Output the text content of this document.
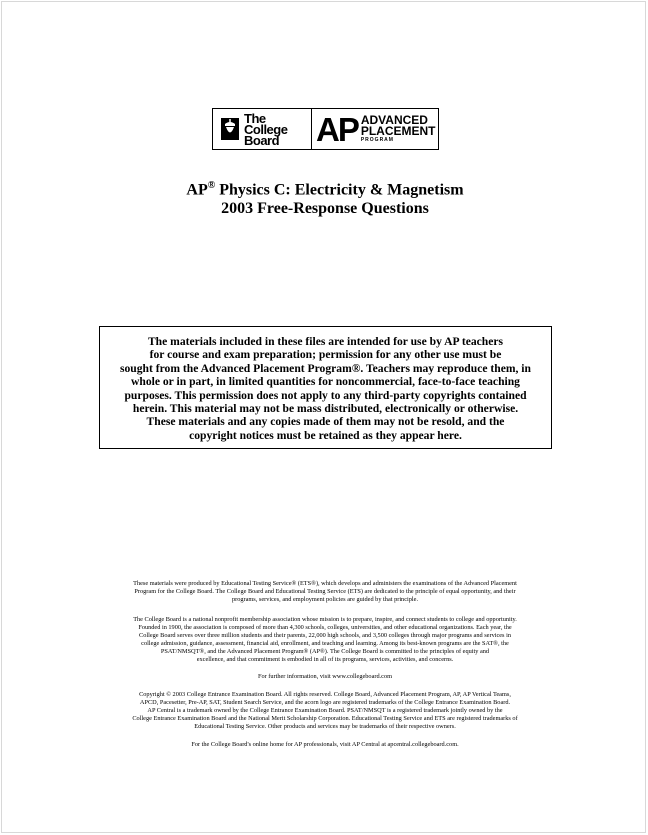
The
College
Board AP ADVANCED
PLACEMENT
PROGRAM
AP® Physics C: Electricity & Magnetism
2003 Free-Response Questions
The materials included in these files are intended for use by AP teachers
for course and exam preparation; permission for any other use must be
sought from the Advanced Placement Program®. Teachers may reproduce them, in
whole or in part, in limited quantities for noncommercial, face-to-face teaching
purposes. This permission does not apply to any third-party copyrights contained
herein. This material may not be mass distributed, electronically or otherwise.
These materials and any copies made of them may not be resold, and the
copyright notices must be retained as they appear here.
These materials were produced by Educational Testing Service® (ETS®), which develops and administers the examinations of the Advanced Placement
Program for the College Board. The College Board and Educational Testing Service (ETS) are dedicated to the principle of equal opportunity, and their
programs, services, and employment policies are guided by that principle.
The College Board is a national nonprofit membership association whose mission is to prepare, inspire, and connect students to college and opportunity.
Founded in 1900, the association is composed of more than 4,300 schools, colleges, universities, and other educational organizations. Each year, the
College Board serves over three million students and their parents, 22,000 high schools, and 3,500 colleges through major programs and services in
college admission, guidance, assessment, financial aid, enrollment, and teaching and learning. Among its best-known programs are the SAT®, the
PSAT/NMSQT®, and the Advanced Placement Program® (AP®). The College Board is committed to the principles of equity and
excellence, and that commitment is embodied in all of its programs, services, activities, and concerns.
For further information, visit www.collegeboard.com
Copyright © 2003 College Entrance Examination Board. All rights reserved. College Board, Advanced Placement Program, AP, AP Vertical Teams,
APCD, Pacesetter, Pre-AP, SAT, Student Search Service, and the acorn logo are registered trademarks of the College Entrance Examination Board.
AP Central is a trademark owned by the College Entrance Examination Board. PSAT/NMSQT is a registered trademark jointly owned by the
College Entrance Examination Board and the National Merit Scholarship Corporation. Educational Testing Service and ETS are registered trademarks of
Educational Testing Service. Other products and services may be trademarks of their respective owners.
For the College Board's online home for AP professionals, visit AP Central at apcentral.collegeboard.com.
